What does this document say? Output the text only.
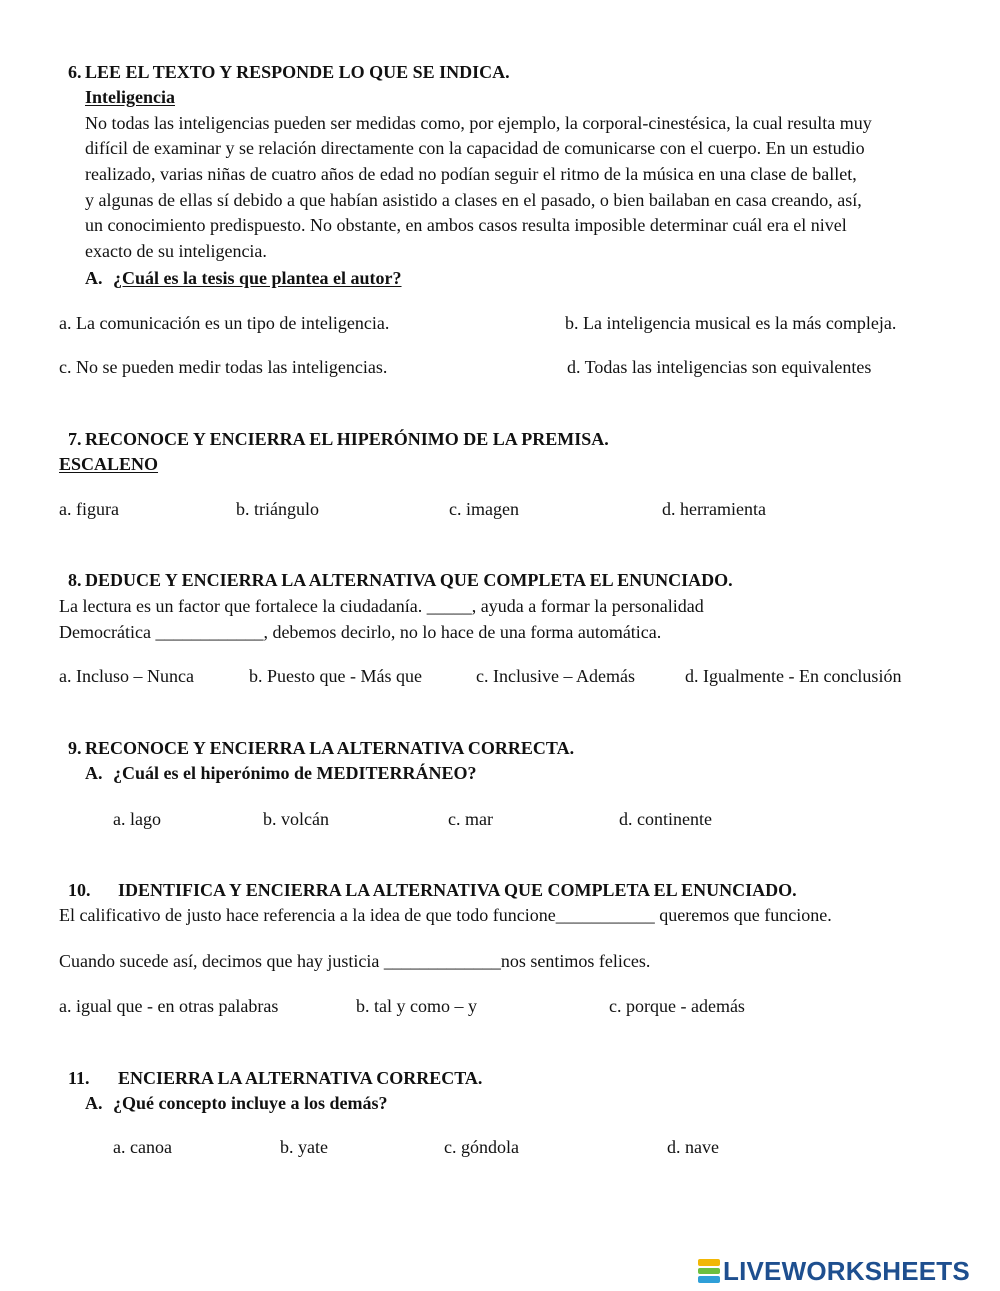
6. LEE EL TEXTO Y RESPONDE LO QUE SE INDICA.
Inteligencia
No todas las inteligencias pueden ser medidas como, por ejemplo, la corporal-cinestésica, la cual resulta muy
difícil de examinar y se relación directamente con la capacidad de comunicarse con el cuerpo. En un estudio
realizado, varias niñas de cuatro años de edad no podían seguir el ritmo de la música en una clase de ballet,
y algunas de ellas sí debido a que habían asistido a clases en el pasado, o bien bailaban en casa creando, así,
un conocimiento predispuesto. No obstante, en ambos casos resulta imposible determinar cuál era el nivel
exacto de su inteligencia.
A. ¿Cuál es la tesis que plantea el autor?
a. La comunicación es un tipo de inteligencia.	b. La inteligencia musical es la más compleja.
c. No se pueden medir todas las inteligencias.	d. Todas las inteligencias son equivalentes
7. RECONOCE Y ENCIERRA EL HIPERÓNIMO DE LA PREMISA.
ESCALENO
a. figura	b. triángulo	c. imagen	d. herramienta
8. DEDUCE Y ENCIERRA LA ALTERNATIVA QUE COMPLETA EL ENUNCIADO.
La lectura es un factor que fortalece la ciudadanía. _____, ayuda a formar la personalidad
Democrática ____________, debemos decirlo, no lo hace de una forma automática.
a. Incluso – Nunca	b. Puesto que - Más que	c. Inclusive – Además	d. Igualmente - En conclusión
9. RECONOCE Y ENCIERRA LA ALTERNATIVA CORRECTA.
A. ¿Cuál es el hiperónimo de MEDITERRÁNEO?
a. lago	b. volcán	c. mar	d. continente
10. IDENTIFICA Y ENCIERRA LA ALTERNATIVA QUE COMPLETA EL ENUNCIADO.
El calificativo de justo hace referencia a la idea de que todo funcione___________ queremos que funcione.
Cuando sucede así, decimos que hay justicia _____________nos sentimos felices.
a. igual que - en otras palabras	b. tal y como – y	c. porque - además
11. ENCIERRA LA ALTERNATIVA CORRECTA.
A. ¿Qué concepto incluye a los demás?
a. canoa	b. yate	c. góndola	d. nave
LIVEWORKSHEETS
